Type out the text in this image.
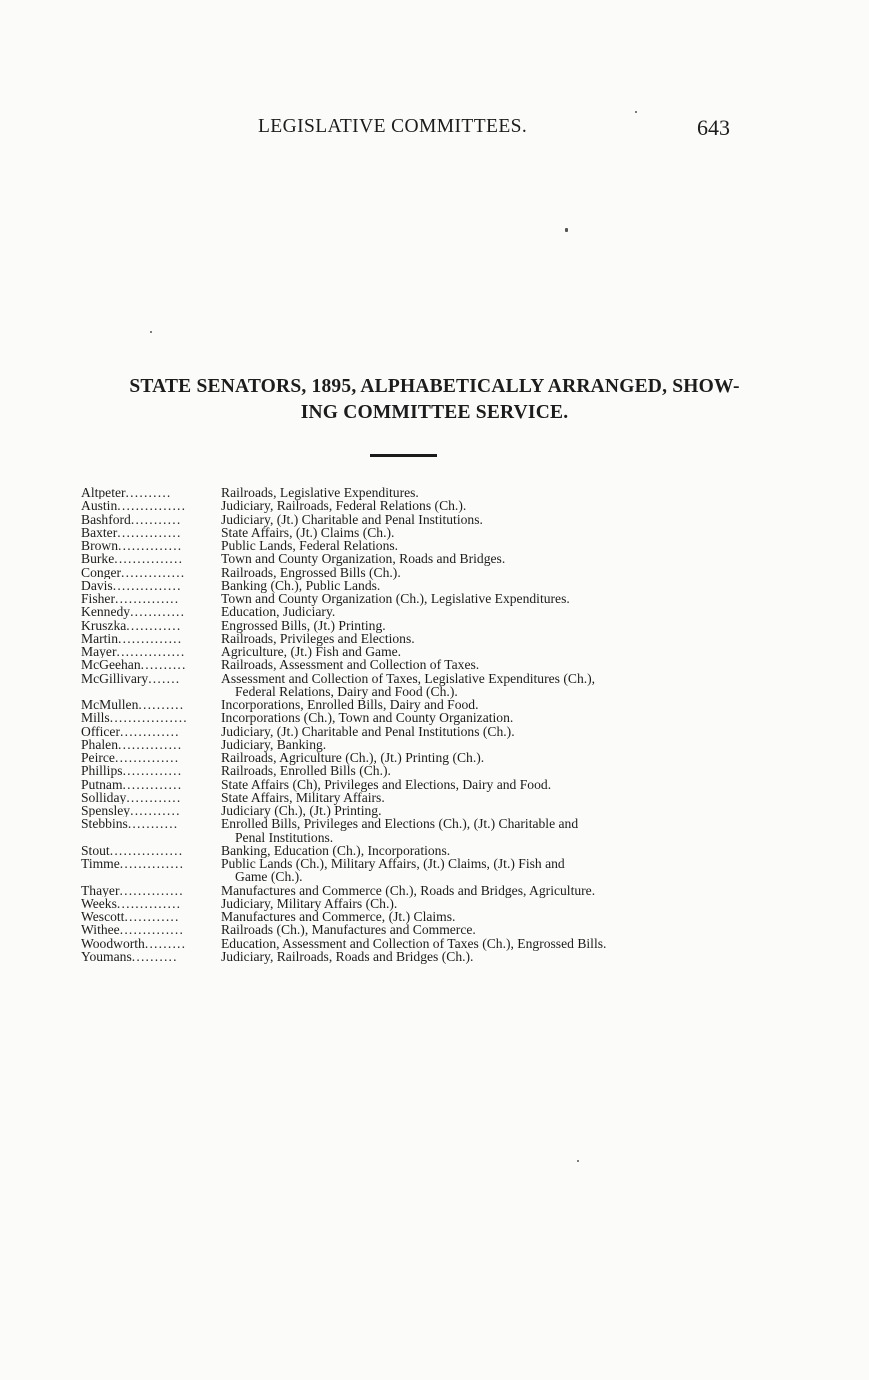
LEGISLATIVE COMMITTEES.	643
STATE SENATORS, 1895, ALPHABETICALLY ARRANGED, SHOW-
ING COMMITTEE SERVICE.
Altpeter..........	Railroads, Legislative Expenditures.
Austin...............	Judiciary, Railroads, Federal Relations (Ch.).
Bashford...........	Judiciary, (Jt.) Charitable and Penal Institutions.
Baxter..............	State Affairs, (Jt.) Claims (Ch.).
Brown..............	Public Lands, Federal Relations.
Burke...............	Town and County Organization, Roads and Bridges.
Conger..............	Railroads, Engrossed Bills (Ch.).
Davis...............	Banking (Ch.), Public Lands.
Fisher..............	Town and County Organization (Ch.), Legislative Expenditures.
Kennedy............	Education, Judiciary.
Kruszka............	Engrossed Bills, (Jt.) Printing.
Martin..............	Railroads, Privileges and Elections.
Mayer...............	Agriculture, (Jt.) Fish and Game.
McGeehan..........	Railroads, Assessment and Collection of Taxes.
McGillivary.......	Assessment and Collection of Taxes, Legislative Expenditures (Ch.),
Federal Relations, Dairy and Food (Ch.).
McMullen..........	Incorporations, Enrolled Bills, Dairy and Food.
Mills.................	Incorporations (Ch.), Town and County Organization.
Officer.............	Judiciary, (Jt.) Charitable and Penal Institutions (Ch.).
Phalen..............	Judiciary, Banking.
Peirce..............	Railroads, Agriculture (Ch.), (Jt.) Printing (Ch.).
Phillips.............	Railroads, Enrolled Bills (Ch.).
Putnam.............	State Affairs (Ch), Privileges and Elections, Dairy and Food.
Solliday............	State Affairs, Military Affairs.
Spensley...........	Judiciary (Ch.), (Jt.) Printing.
Stebbins...........	Enrolled Bills, Privileges and Elections (Ch.), (Jt.) Charitable and
Penal Institutions.
Stout................	Banking, Education (Ch.), Incorporations.
Timme..............	Public Lands (Ch.), Military Affairs, (Jt.) Claims, (Jt.) Fish and
Game (Ch.).
Thayer..............	Manufactures and Commerce (Ch.), Roads and Bridges, Agriculture.
Weeks..............	Judiciary, Military Affairs (Ch.).
Wescott............	Manufactures and Commerce, (Jt.) Claims.
Withee..............	Railroads (Ch.), Manufactures and Commerce.
Woodworth.........	Education, Assessment and Collection of Taxes (Ch.), Engrossed Bills.
Youmans..........	Judiciary, Railroads, Roads and Bridges (Ch.).
